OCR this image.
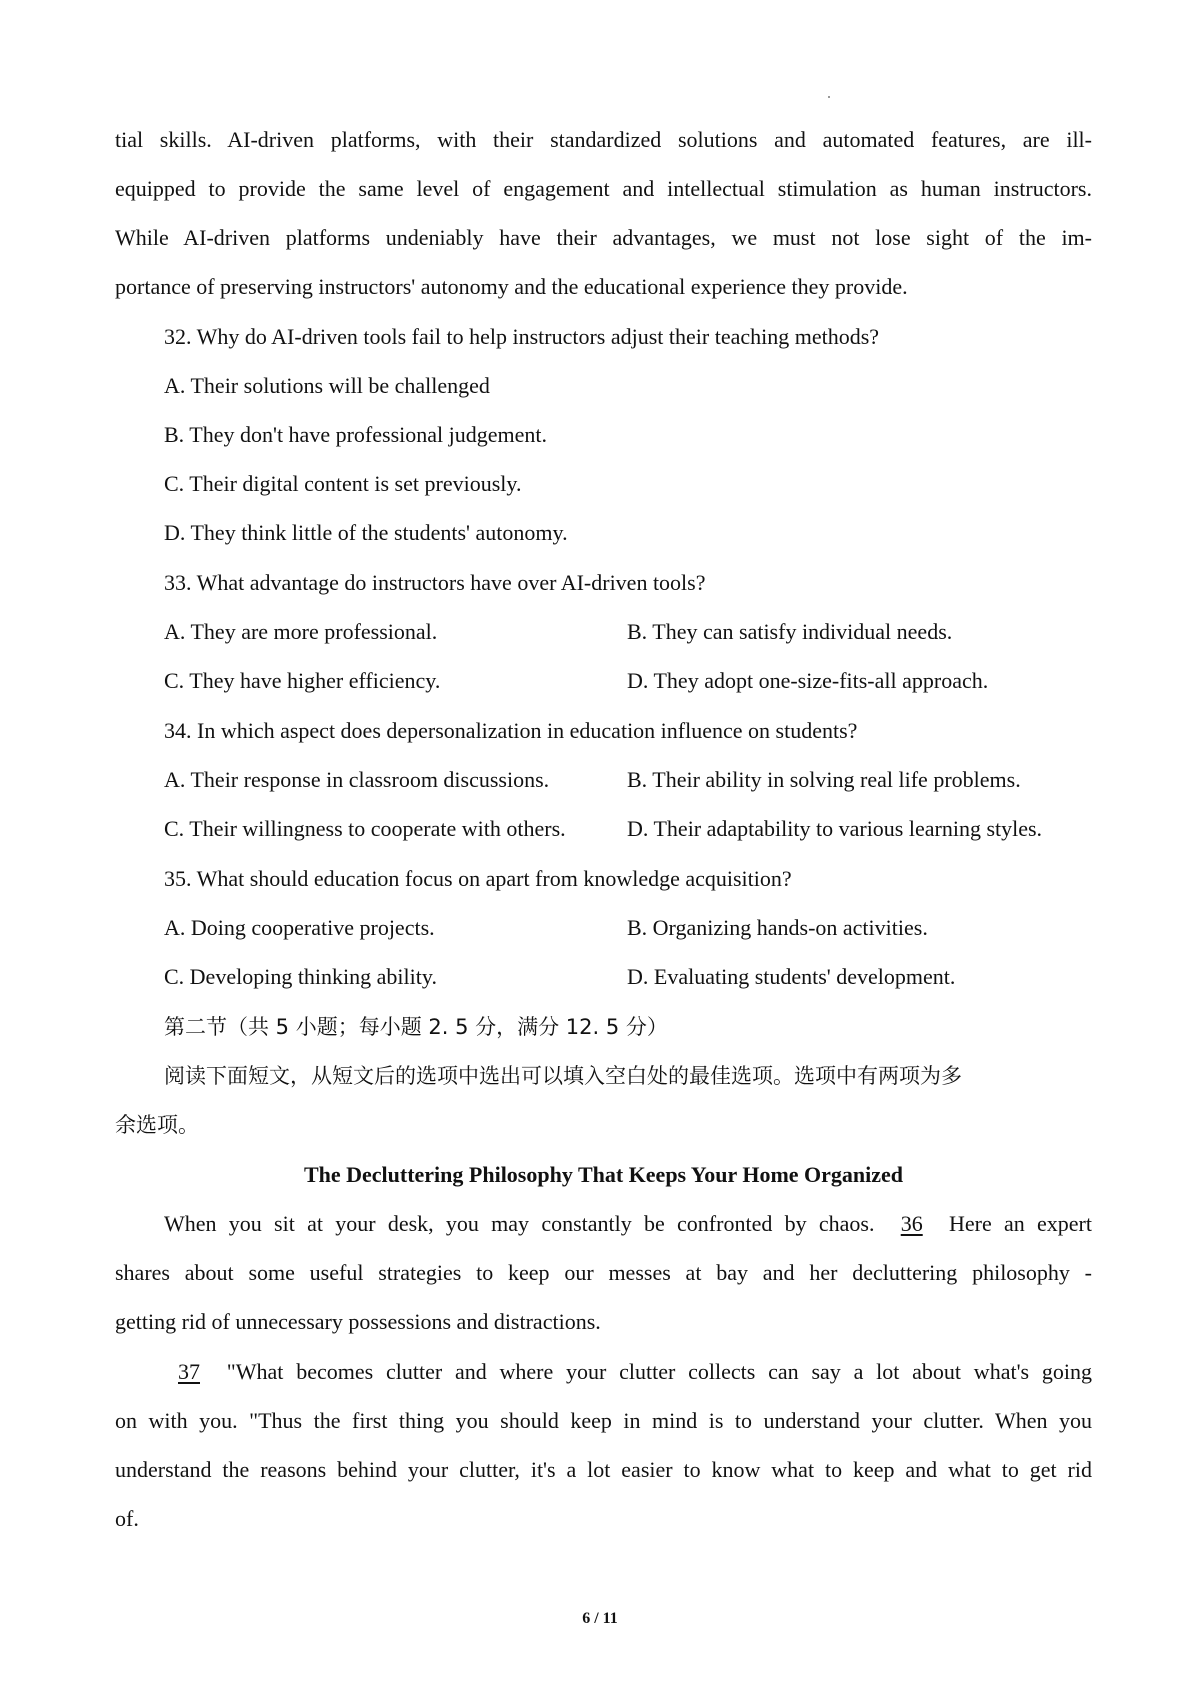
tial skills. AI-driven platforms, with their standardized solutions and automated features, are ill-
equipped to provide the same level of engagement and intellectual stimulation as human instructors.
While AI-driven platforms undeniably have their advantages, we must not lose sight of the im-
portance of preserving instructors' autonomy and the educational experience they provide.
32. Why do AI-driven tools fail to help instructors adjust their teaching methods?
A. Their solutions will be challenged
B. They don't have professional judgement.
C. Their digital content is set previously.
D. They think little of the students' autonomy.
33. What advantage do instructors have over AI-driven tools?
A. They are more professional.	B. They can satisfy individual needs.
C. They have higher efficiency.	D. They adopt one-size-fits-all approach.
34. In which aspect does depersonalization in education influence on students?
A. Their response in classroom discussions.	B. Their ability in solving real life problems.
C. Their willingness to cooperate with others.	D. Their adaptability to various learning styles.
35. What should education focus on apart from knowledge acquisition?
A. Doing cooperative projects.	B. Organizing hands-on activities.
C. Developing thinking ability.	D. Evaluating students' development.
第二节（共 5 小题；每小题 2. 5 分，满分 12. 5 分）
阅读下面短文，从短文后的选项中选出可以填入空白处的最佳选项。选项中有两项为多
余选项。
The Decluttering Philosophy That Keeps Your Home Organized
When you sit at your desk, you may constantly be confronted by chaos. 36 Here an expert
shares about some useful strategies to keep our messes at bay and her decluttering philosophy -
getting rid of unnecessary possessions and distractions.
37 "What becomes clutter and where your clutter collects can say a lot about what's going
on with you. "Thus the first thing you should keep in mind is to understand your clutter. When you
understand the reasons behind your clutter, it's a lot easier to know what to keep and what to get rid
of.
6 / 11
